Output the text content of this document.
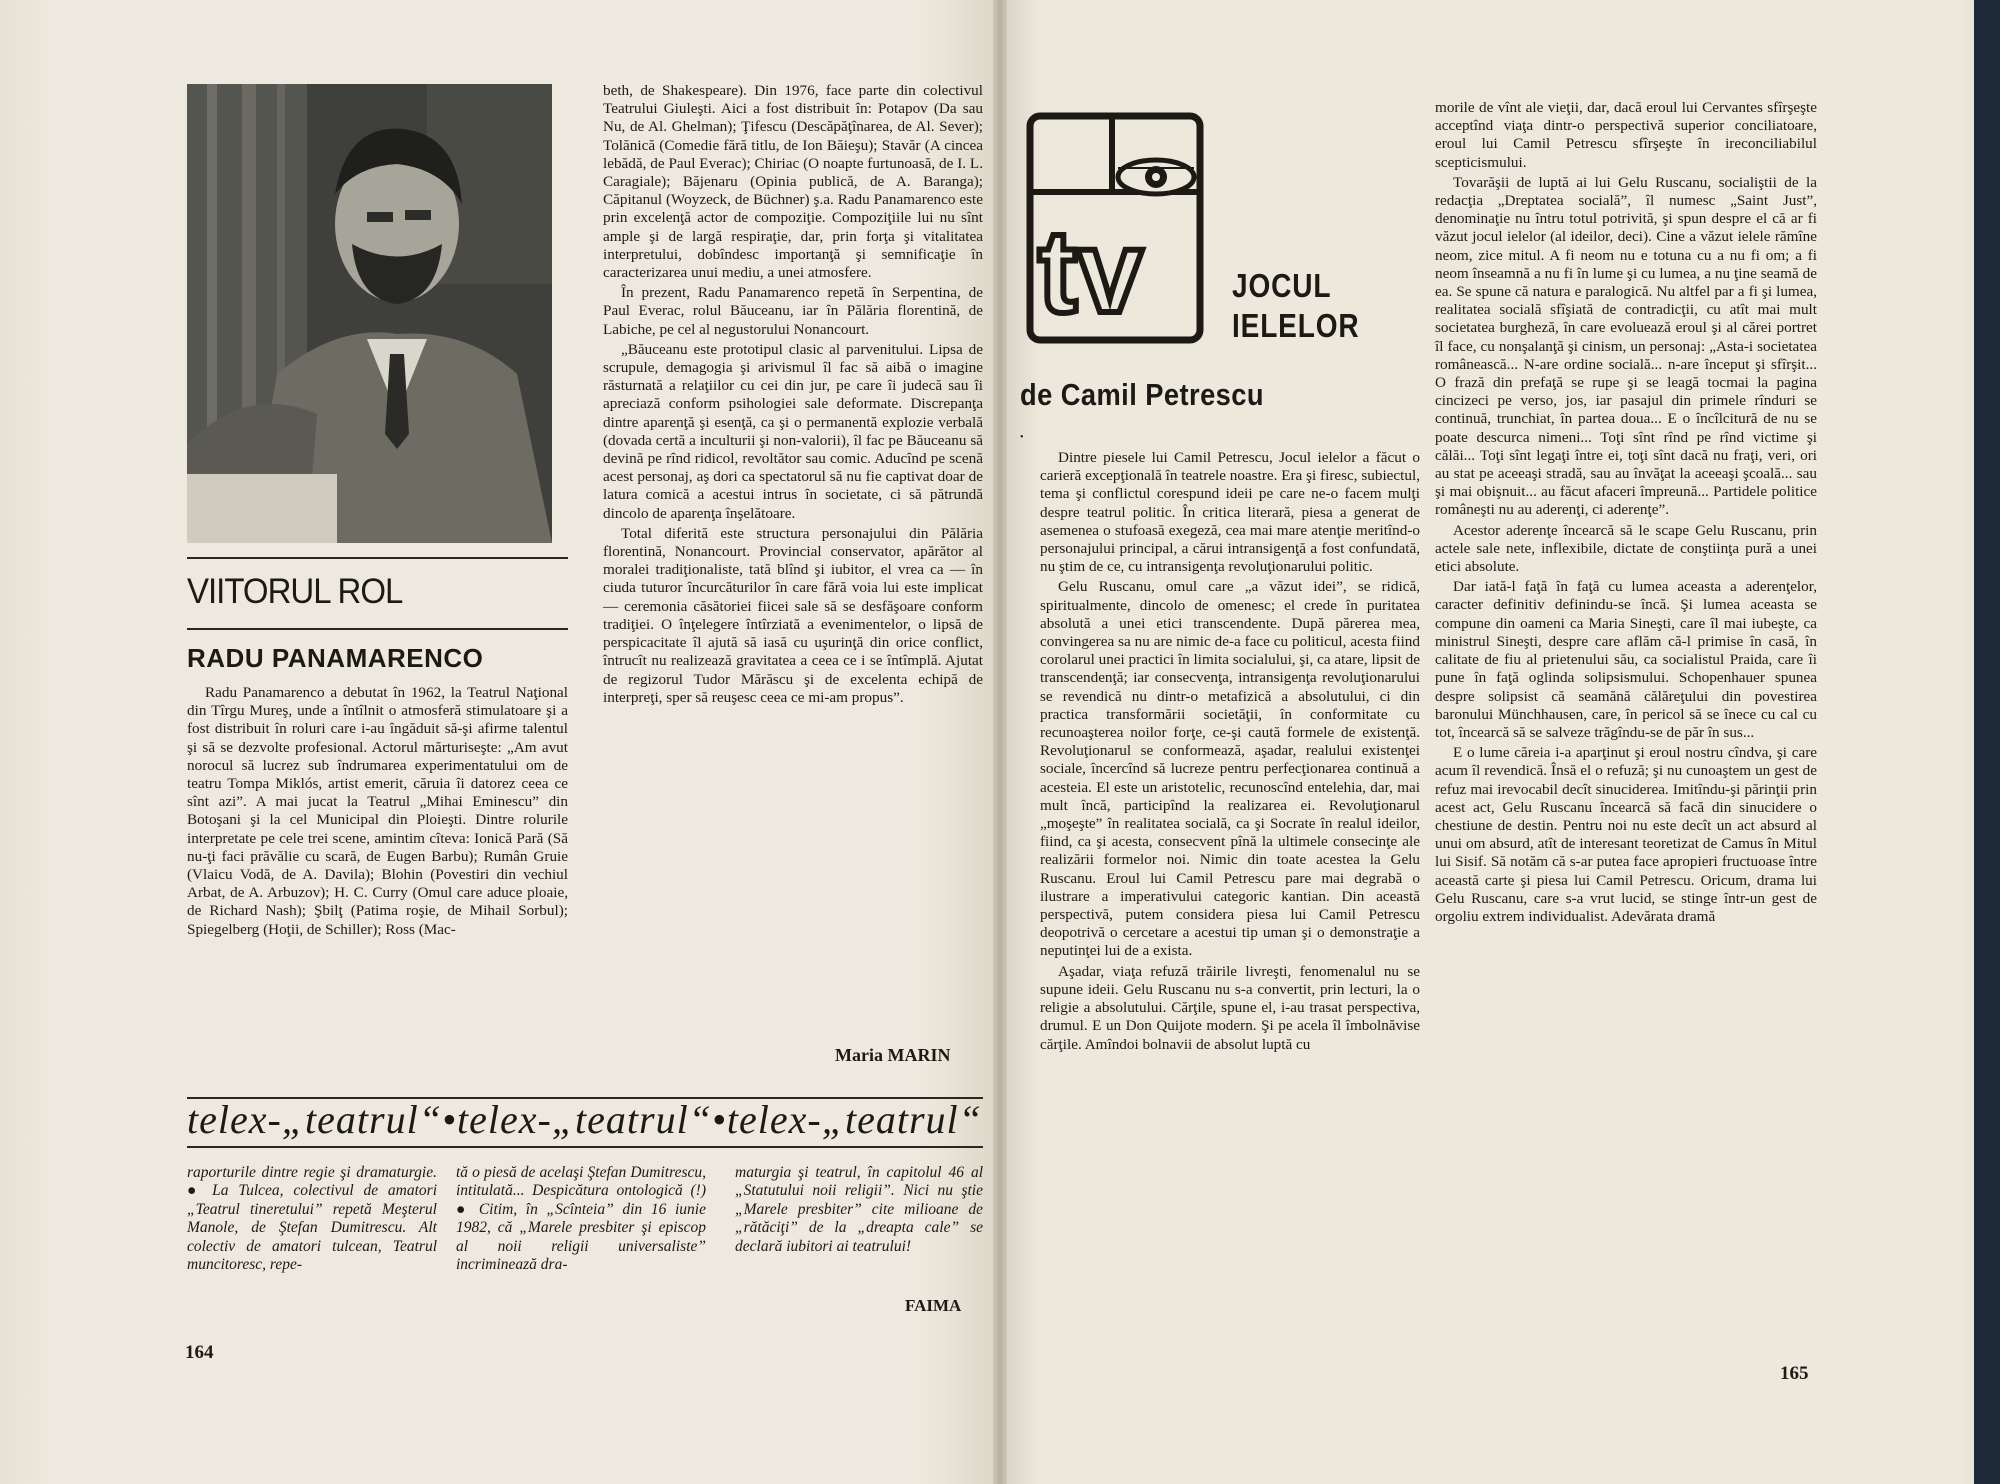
VIITORUL ROL
RADU PANAMARENCO

Radu Panamarenco a debutat în 1962, la Teatrul Naţional din Tîrgu Mureş, unde a întîlnit o atmosferă stimulatoare şi a fost distribuit în roluri care i-au îngăduit să-şi afirme talentul şi să se dezvolte profesional. Actorul mărturiseşte: „Am avut norocul să lucrez sub îndrumarea experimentatului om de teatru Tompa Miklós, artist emerit, căruia îi datorez ceea ce sînt azi”. A mai jucat la Teatrul „Mihai Eminescu” din Botoşani şi la cel Municipal din Ploieşti. Dintre rolurile interpretate pe cele trei scene, amintim cîteva: Ionică Pară (Să nu-ţi faci prăvălie cu scară, de Eugen Barbu); Rumân Gruie (Vlaicu Vodă, de A. Davila); Blohin (Povestiri din vechiul Arbat, de A. Arbuzov); H. C. Curry (Omul care aduce ploaie, de Richard Nash); Şbilţ (Patima roşie, de Mihail Sorbul); Spiegelberg (Hoţii, de Schiller); Ross (Mac-

beth, de Shakespeare). Din 1976, face parte din colectivul Teatrului Giuleşti. Aici a fost distribuit în: Potapov (Da sau Nu, de Al. Ghelman); Ţifescu (Descăpăţînarea, de Al. Sever); Tolănică (Comedie fără titlu, de Ion Băieşu); Stavăr (A cincea lebădă, de Paul Everac); Chiriac (O noapte furtunoasă, de I. L. Caragiale); Băjenaru (Opinia publică, de A. Baranga); Căpitanul (Woyzeck, de Büchner) ş.a. Radu Panamarenco este prin excelenţă actor de compoziţie. Compoziţiile lui nu sînt ample şi de largă respiraţie, dar, prin forţa şi vitalitatea interpretului, dobîndesc importanţă şi semnificaţie în caracterizarea unui mediu, a unei atmosfere.

În prezent, Radu Panamarenco repetă în Serpentina, de Paul Everac, rolul Băuceanu, iar în Pălăria florentină, de Labiche, pe cel al negustorului Nonancourt.

„Băuceanu este prototipul clasic al parvenitului. Lipsa de scrupule, demagogia şi arivismul îl fac să aibă o imagine răsturnată a relaţiilor cu cei din jur, pe care îi judecă sau îi apreciază conform psihologiei sale deformate. Discrepanţa dintre aparenţă şi esenţă, ca şi o permanentă explozie verbală (dovada certă a inculturii şi non-valorii), îl fac pe Băuceanu să devină pe rînd ridicol, revoltător sau comic. Aducînd pe scenă acest personaj, aş dori ca spectatorul să nu fie captivat doar de latura comică a acestui intrus în societate, ci să pătrundă dincolo de aparenţa înşelătoare.

Total diferită este structura personajului din Pălăria florentină, Nonancourt. Provincial conservator, apărător al moralei tradiţionaliste, tată blînd şi iubitor, el vrea ca — în ciuda tuturor încurcăturilor în care fără voia lui este implicat — ceremonia căsătoriei fiicei sale să se desfăşoare conform tradiţiei. O înţelegere întîrziată a evenimentelor, o lipsă de perspicacitate îl ajută să iasă cu uşurinţă din orice conflict, întrucît nu realizează gravitatea a ceea ce i se întîmplă. Ajutat de regizorul Tudor Mărăscu şi de excelenta echipă de interpreţi, sper să reuşesc ceea ce mi-am propus”.

Maria MARIN
telex-„teatrul“•telex-„teatrul“•telex-„teatrul“
raporturile dintre regie şi dramaturgie. ● La Tulcea, colectivul de amatori „Teatrul tineretului” repetă Meşterul Manole, de Ştefan Dumitrescu. Alt colectiv de amatori tulcean, Teatrul muncitoresc, repe-
tă o piesă de acelaşi Ştefan Dumitrescu, intitulată... Despicătura ontologică (!) ● Citim, în „Scînteia” din 16 iunie 1982, că „Marele presbiter şi episcop al noii religii universaliste” incriminează dra-
maturgia şi teatrul, în capitolul 46 al „Statutului noii religii”. Nici nu ştie „Marele presbiter” cite milioane de „rătăciţi” de la „dreapta cale” se declară iubitori ai teatrului!
FAIMA
164
tv	JOCUL
IELELOR
de Camil Petrescu
•

Dintre piesele lui Camil Petrescu, Jocul ielelor a făcut o carieră excepţională în teatrele noastre. Era şi firesc, subiectul, tema şi conflictul corespund ideii pe care ne-o facem mulţi despre teatrul politic. În critica literară, piesa a generat de asemenea o stufoasă exegeză, cea mai mare atenţie meritînd-o personajului principal, a cărui intransigenţă a fost confundată, nu ştim de ce, cu intransigenţa revoluţionarului politic.

Gelu Ruscanu, omul care „a văzut idei”, se ridică, spiritualmente, dincolo de omenesc; el crede în puritatea absolută a unei etici transcendente. După părerea mea, convingerea sa nu are nimic de-a face cu politicul, acesta fiind corolarul unei practici în limita socialului, şi, ca atare, lipsit de transcendenţă; iar consecvenţa, intransigenţa revoluţionarului se revendică nu dintr-o metafizică a absolutului, ci din practica transformării societăţii, în conformitate cu recunoaşterea noilor forţe, ce-şi caută formele de existenţă. Revoluţionarul se conformează, aşadar, realului existenţei sociale, încercînd să lucreze pentru perfecţionarea continuă a acesteia. El este un aristotelic, recunoscînd entelehia, dar, mai mult încă, participînd la realizarea ei. Revoluţionarul „moşeşte” în realitatea socială, ca şi Socrate în realul ideilor, fiind, ca şi acesta, consecvent pînă la ultimele consecinţe ale realizării formelor noi. Nimic din toate acestea la Gelu Ruscanu. Eroul lui Camil Petrescu pare mai degrabă o ilustrare a imperativului categoric kantian. Din această perspectivă, putem considera piesa lui Camil Petrescu deopotrivă o cercetare a acestui tip uman şi o demonstraţie a neputinţei lui de a exista.

Aşadar, viaţa refuză trăirile livreşti, fenomenalul nu se supune ideii. Gelu Ruscanu nu s-a convertit, prin lecturi, la o religie a absolutului. Cărţile, spune el, i-au trasat perspectiva, drumul. E un Don Quijote modern. Şi pe acela îl îmbolnăvise cărţile. Amîndoi bolnavii de absolut luptă cu

morile de vînt ale vieţii, dar, dacă eroul lui Cervantes sfîrşeşte acceptînd viaţa dintr-o perspectivă superior conciliatoare, eroul lui Camil Petrescu sfîrşeşte în ireconciliabilul scepticismului.

Tovarăşii de luptă ai lui Gelu Ruscanu, socialiştii de la redacţia „Dreptatea socială”, îl numesc „Saint Just”, denominaţie nu întru totul potrivită, şi spun despre el că ar fi văzut jocul ielelor (al ideilor, deci). Cine a văzut ielele rămîne neom, zice mitul. A fi neom nu e totuna cu a nu fi om; a fi neom înseamnă a nu fi în lume şi cu lumea, a nu ţine seamă de ea. Se spune că natura e paralogică. Nu altfel par a fi şi lumea, realitatea socială sfîşiată de contradicţii, cu atît mai mult societatea burgheză, în care evoluează eroul şi al cărei portret îl face, cu nonşalanţă şi cinism, un personaj: „Asta-i societatea românească... N-are ordine socială... n-are început şi sfîrşit... O frază din prefaţă se rupe şi se leagă tocmai la pagina cincizeci pe verso, jos, iar pasajul din primele rînduri se continuă, trunchiat, în partea doua... E o încîlcitură de nu se poate descurca nimeni... Toţi sînt rînd pe rînd victime şi călăi... Toţi sînt legaţi între ei, toţi sînt dacă nu fraţi, veri, ori au stat pe aceeaşi stradă, sau au învăţat la aceeaşi şcoală... sau şi mai obişnuit... au făcut afaceri împreună... Partidele politice româneşti nu au aderenţi, ci aderenţe”.

Acestor aderenţe încearcă să le scape Gelu Ruscanu, prin actele sale nete, inflexibile, dictate de conştiinţa pură a unei etici absolute.

Dar iată-l faţă în faţă cu lumea aceasta a aderenţelor, caracter definitiv definindu-se încă. Şi lumea aceasta se compune din oameni ca Maria Sineşti, care îl mai iubeşte, ca ministrul Sineşti, despre care aflăm că-l primise în casă, în calitate de fiu al prietenului său, ca socialistul Praida, care îi pune în faţă oglinda solipsismului. Schopenhauer spunea despre solipsist că seamănă călăreţului din povestirea baronului Münchhausen, care, în pericol să se înece cu cal cu tot, încearcă să se salveze trăgîndu-se de păr în sus...

E o lume căreia i-a aparţinut şi eroul nostru cîndva, şi care acum îl revendică. Însă el o refuză; şi nu cunoaştem un gest de refuz mai irevocabil decît sinuciderea. Imitîndu-şi părinţii prin acest act, Gelu Ruscanu încearcă să facă din sinucidere o chestiune de destin. Pentru noi nu este decît un act absurd al unui om absurd, atît de interesant teoretizat de Camus în Mitul lui Sisif. Să notăm că s-ar putea face apropieri fructuoase între această carte şi piesa lui Camil Petrescu. Oricum, drama lui Gelu Ruscanu, care s-a vrut lucid, se stinge într-un gest de orgoliu extrem individualist. Adevărata dramă

165
